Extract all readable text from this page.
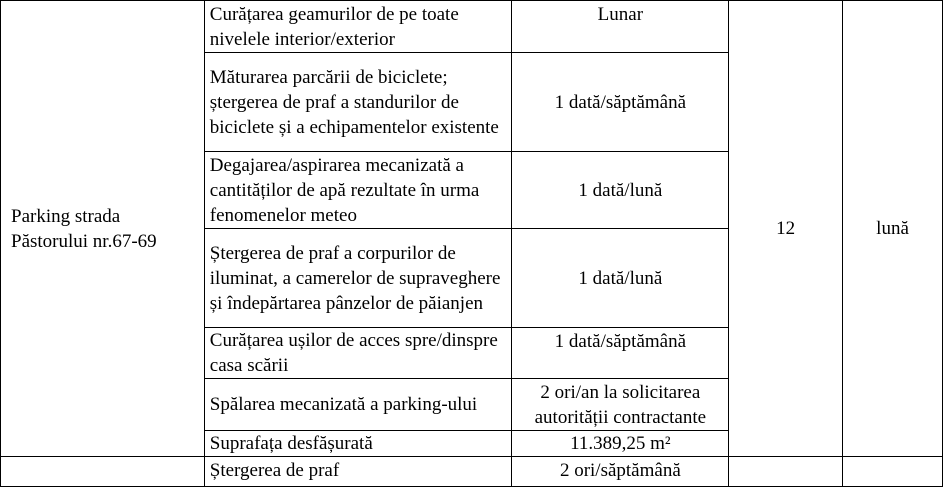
Parking strada Păstorului nr.67-69	Curățarea geamurilor de pe toate nivelele interior/exterior	Lunar	12	lună
	Măturarea parcării de biciclete; ștergerea de praf a standurilor de biciclete și a echipamentelor existente	1 dată/săptămână		
	Degajarea/aspirarea mecanizată a cantităților de apă rezultate în urma fenomenelor meteo	1 dată/lună		
	Ștergerea de praf a corpurilor de iluminat, a camerelor de supraveghere și îndepărtarea pânzelor de păianjen	1 dată/lună		
	Curățarea ușilor de acces spre/dinspre casa scării	1 dată/săptămână		
	Spălarea mecanizată a parking-ului	2 ori/an la solicitarea autorității contractante		
	Suprafața desfășurată	11.389,25 m²		

	Ștergerea de praf	2 ori/săptămână		
